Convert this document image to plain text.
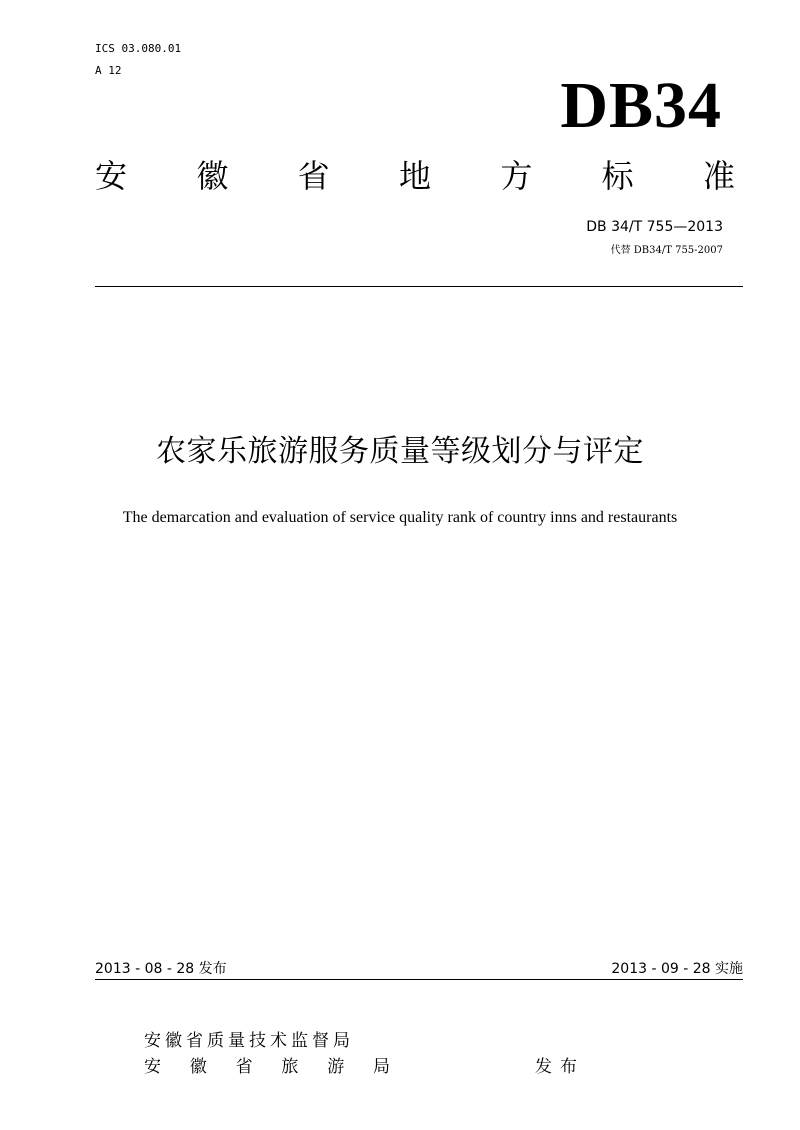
ICS 03.080.01
A 12	DB34
安 徽 省 地 方 标 准
DB 34/T 755—2013
代替 DB34/T 755-2007
农家乐旅游服务质量等级划分与评定
The demarcation and evaluation of service quality rank of country inns and restaurants
2013 - 08 - 28 发布	2013 - 09 - 28 实施
安徽省质量技术监督局
安 徽 省 旅 游 局	发布
